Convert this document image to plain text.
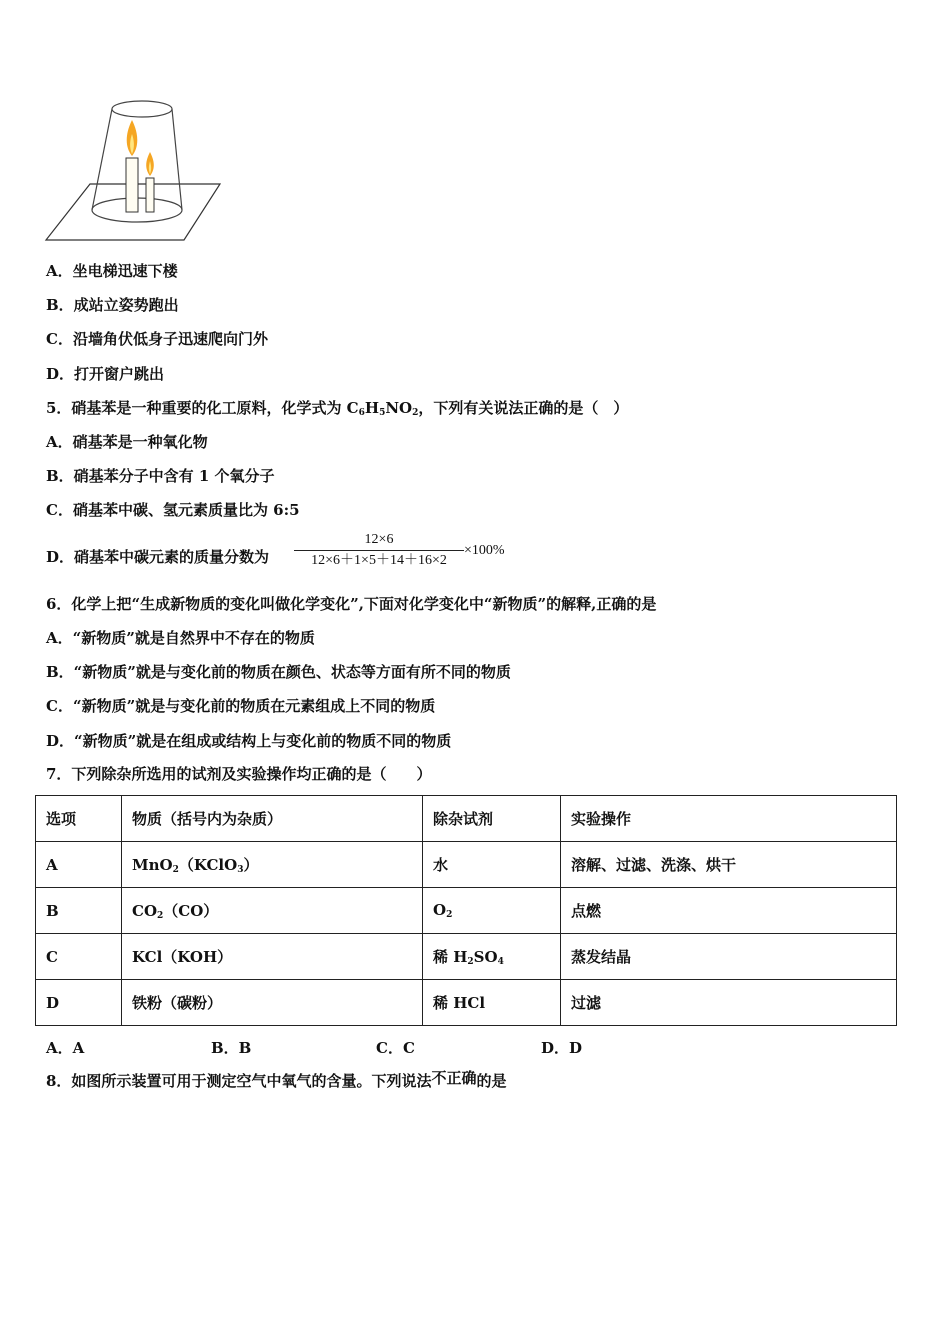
A．坐电梯迅速下楼
B．成站立姿势跑出
C．沿墙角伏低身子迅速爬向门外
D．打开窗户跳出
5．硝基苯是一种重要的化工原料，化学式为 $C_6H_5NO_2$，下列有关说法正确的是（　）
A．硝基苯是一种氧化物
B．硝基苯分子中含有 1 个氧分子
C．硝基苯中碳、氢元素质量比为 6:5
D．硝基苯中碳元素的质量分数为
12×6
12×6＋1×5＋14＋16×2
×100%
6．化学上把“生成新物质的变化叫做化学变化”,下面对化学变化中“新物质”的解释,正确的是
A．“新物质”就是自然界中不存在的物质
B．“新物质”就是与变化前的物质在颜色、状态等方面有所不同的物质
C．“新物质”就是与变化前的物质在元素组成上不同的物质
D．“新物质”就是在组成或结构上与变化前的物质不同的物质
7．下列除杂所选用的试剂及实验操作均正确的是（　　）
选项	物质（括号内为杂质）	除杂试剂	实验操作
A	MnO$_2$（KClO$_3$）	水	溶解、过滤、洗涤、烘干
B	$CO_2(CO)$	$O_2$	点燃
C	KCl（KOH）	稀 $H_2SO_4$	蒸发结晶
D	铁粉（碳粉）	稀 HCl	过滤
A．A	B．B	C．C	D．D
8．如图所示装置可用于测定空气中氧气的含量。下列说法不正确的是
